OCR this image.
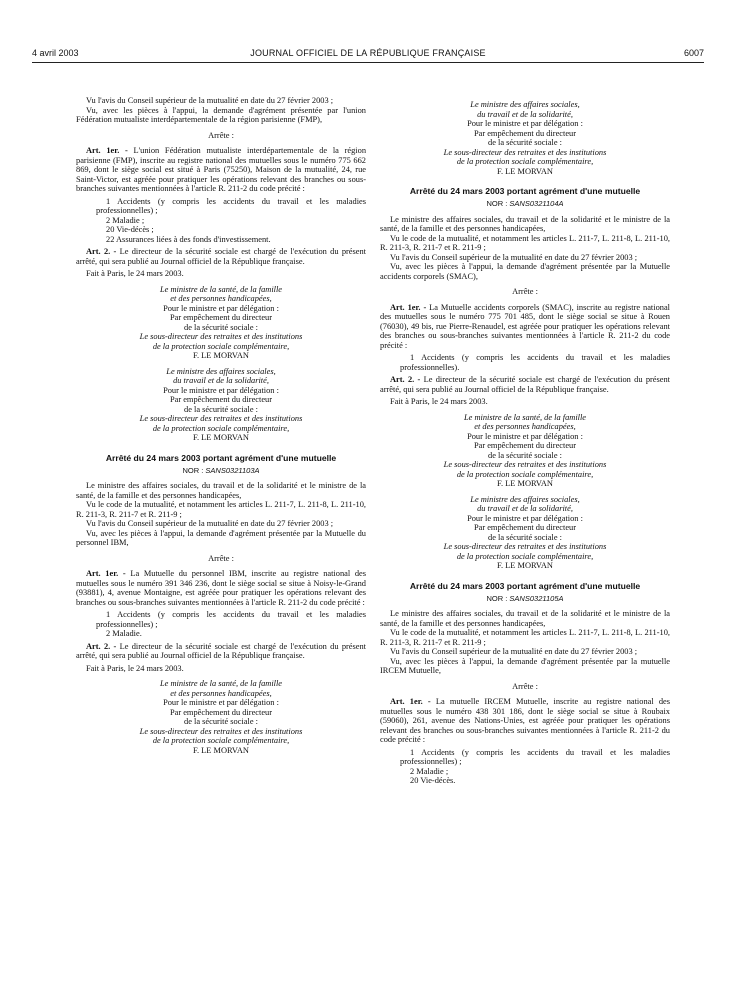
4 avril 2003	JOURNAL OFFICIEL DE LA RÉPUBLIQUE FRANÇAISE	6007

Vu l'avis du Conseil supérieur de la mutualité en date du 27 février 2003 ;

Vu, avec les pièces à l'appui, la demande d'agrément présentée par l'union Fédération mutualiste interdépartementale de la région parisienne (FMP),

Arrête :

Art. 1er. - L'union Fédération mutualiste interdépartementale de la région parisienne (FMP), inscrite au registre national des mutuelles sous le numéro 775 662 869, dont le siège social est situé à Paris (75250), Maison de la mutualité, 24, rue Saint-Victor, est agréée pour pratiquer les opérations relevant des branches ou sous-branches suivantes mentionnées à l'article R. 211-2 du code précité :

1 Accidents (y compris les accidents du travail et les maladies professionnelles) ;

2 Maladie ;

20 Vie-décès ;

22 Assurances liées à des fonds d'investissement.

Art. 2. - Le directeur de la sécurité sociale est chargé de l'exécution du présent arrêté, qui sera publié au Journal officiel de la République française.

Fait à Paris, le 24 mars 2003.

Le ministre de la santé, de la famille
et des personnes handicapées,
Pour le ministre et par délégation :
Par empêchement du directeur
de la sécurité sociale :
Le sous-directeur des retraites et des institutions
de la protection sociale complémentaire,
F. LE MORVAN
Le ministre des affaires sociales,
du travail et de la solidarité,
Pour le ministre et par délégation :
Par empêchement du directeur
de la sécurité sociale :
Le sous-directeur des retraites et des institutions
de la protection sociale complémentaire,
F. LE MORVAN
Arrêté du 24 mars 2003 portant agrément d'une mutuelle
NOR : SANS0321103A

Le ministre des affaires sociales, du travail et de la solidarité et le ministre de la santé, de la famille et des personnes handicapées,

Vu le code de la mutualité, et notamment les articles L. 211-7, L. 211-8, L. 211-10, R. 211-3, R. 211-7 et R. 211-9 ;

Vu l'avis du Conseil supérieur de la mutualité en date du 27 février 2003 ;

Vu, avec les pièces à l'appui, la demande d'agrément présentée par la Mutuelle du personnel IBM,

Arrête :

Art. 1er. - La Mutuelle du personnel IBM, inscrite au registre national des mutuelles sous le numéro 391 346 236, dont le siège social se situe à Noisy-le-Grand (93881), 4, avenue Montaigne, est agréée pour pratiquer les opérations relevant des branches ou sous-branches suivantes mentionnées à l'article R. 211-2 du code précité :

1 Accidents (y compris les accidents du travail et les maladies professionnelles) ;

2 Maladie.

Art. 2. - Le directeur de la sécurité sociale est chargé de l'exécution du présent arrêté, qui sera publié au Journal officiel de la République française.

Fait à Paris, le 24 mars 2003.

Le ministre de la santé, de la famille
et des personnes handicapées,
Pour le ministre et par délégation :
Par empêchement du directeur
de la sécurité sociale :
Le sous-directeur des retraites et des institutions
de la protection sociale complémentaire,
F. LE MORVAN
Le ministre des affaires sociales,
du travail et de la solidarité,
Pour le ministre et par délégation :
Par empêchement du directeur
de la sécurité sociale :
Le sous-directeur des retraites et des institutions
de la protection sociale complémentaire,
F. LE MORVAN
Arrêté du 24 mars 2003 portant agrément d'une mutuelle
NOR : SANS0321104A

Le ministre des affaires sociales, du travail et de la solidarité et le ministre de la santé, de la famille et des personnes handicapées,

Vu le code de la mutualité, et notamment les articles L. 211-7, L. 211-8, L. 211-10, R. 211-3, R. 211-7 et R. 211-9 ;

Vu l'avis du Conseil supérieur de la mutualité en date du 27 février 2003 ;

Vu, avec les pièces à l'appui, la demande d'agrément présentée par la Mutuelle accidents corporels (SMAC),

Arrête :

Art. 1er. - La Mutuelle accidents corporels (SMAC), inscrite au registre national des mutuelles sous le numéro 775 701 485, dont le siège social se situe à Rouen (76030), 49 bis, rue Pierre-Renaudel, est agréée pour pratiquer les opérations relevant des branches ou sous-branches suivantes mentionnées à l'article R. 211-2 du code précité :

1 Accidents (y compris les accidents du travail et les maladies professionnelles).

Art. 2. - Le directeur de la sécurité sociale est chargé de l'exécution du présent arrêté, qui sera publié au Journal officiel de la République française.

Fait à Paris, le 24 mars 2003.

Le ministre de la santé, de la famille
et des personnes handicapées,
Pour le ministre et par délégation :
Par empêchement du directeur
de la sécurité sociale :
Le sous-directeur des retraites et des institutions
de la protection sociale complémentaire,
F. LE MORVAN
Le ministre des affaires sociales,
du travail et de la solidarité,
Pour le ministre et par délégation :
Par empêchement du directeur
de la sécurité sociale :
Le sous-directeur des retraites et des institutions
de la protection sociale complémentaire,
F. LE MORVAN
Arrêté du 24 mars 2003 portant agrément d'une mutuelle
NOR : SANS0321105A

Le ministre des affaires sociales, du travail et de la solidarité et le ministre de la santé, de la famille et des personnes handicapées,

Vu le code de la mutualité, et notamment les articles L. 211-7, L. 211-8, L. 211-10, R. 211-3, R. 211-7 et R. 211-9 ;

Vu l'avis du Conseil supérieur de la mutualité en date du 27 février 2003 ;

Vu, avec les pièces à l'appui, la demande d'agrément présentée par la mutuelle IRCEM Mutuelle,

Arrête :

Art. 1er. - La mutuelle IRCEM Mutuelle, inscrite au registre national des mutuelles sous le numéro 438 301 186, dont le siège social se situe à Roubaix (59060), 261, avenue des Nations-Unies, est agréée pour pratiquer les opérations relevant des branches ou sous-branches suivantes mentionnées à l'article R. 211-2 du code précité :

1 Accidents (y compris les accidents du travail et les maladies professionnelles) ;

2 Maladie ;

20 Vie-décès.
